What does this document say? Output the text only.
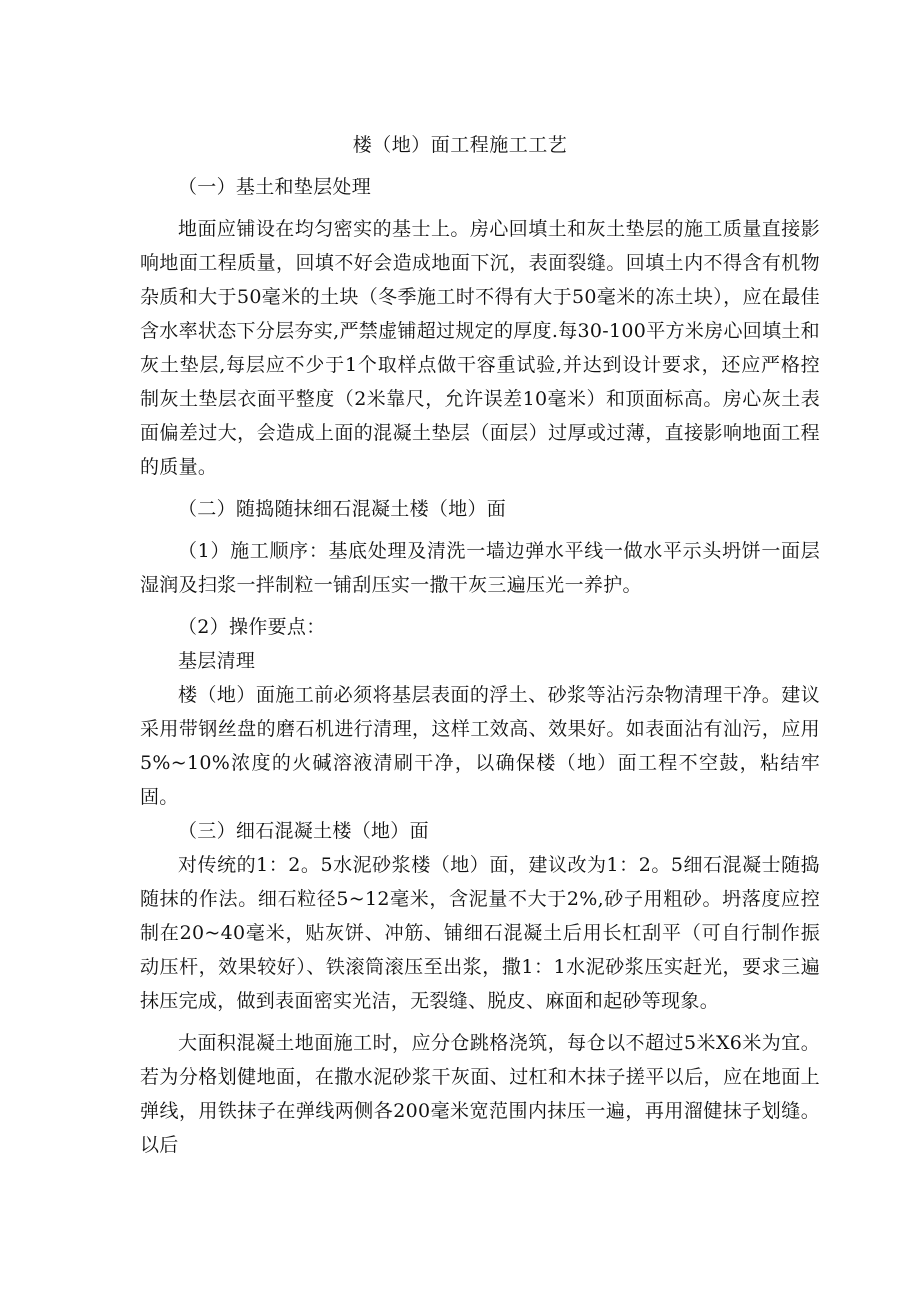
楼（地）面工程施工工艺

（一）基土和垫层处理

地面应铺设在均匀密实的基士上。房心回填土和灰土垫层的施工质量直接影响地面工程质量，回填不好会造成地面下沉，表面裂缝。回填土内不得含有机物杂质和大于50毫米的土块（冬季施工时不得有大于50毫米的冻土块），应在最佳含水率状态下分层夯实,严禁虚铺超过规定的厚度.每30-100平方米房心回填土和灰土垫层,每层应不少于1个取样点做干容重试验,并达到设计要求，还应严格控制灰土垫层衣面平整度（2米靠尺，允许误差10毫米）和顶面标高。房心灰土表面偏差过大，会造成上面的混凝土垫层（面层）过厚或过薄，直接影响地面工程的质量。

（二）随捣随抹细石混凝土楼（地）面

（1）施工顺序：基底处理及清洗一墙边弹水平线一做水平示头坍饼一面层湿润及扫浆一拌制粒一铺刮压实一撒干灰三遍压光一养护。

（2）操作要点：

基层清理

楼（地）面施工前必须将基层表面的浮土、砂浆等沾污杂物清理干净。建议采用带钢丝盘的磨石机进行清理，这样工效高、效果好。如表面沾有汕污，应用5%~10%浓度的火碱溶液清刷干净，以确保楼（地）面工程不空鼓，粘结牢固。

（三）细石混凝土楼（地）面

对传统的1：2。5水泥砂浆楼（地）面，建议改为1：2。5细石混凝士随捣随抹的作法。细石粒径5~12毫米，含泥量不大于2%,砂子用粗砂。坍落度应控制在20~40毫米，贴灰饼、冲筋、铺细石混凝土后用长杠刮平（可自行制作振动压杆，效果较好）、铁滚筒滚压至出浆，撒1：1水泥砂浆压实赶光，要求三遍抹压完成，做到表面密实光洁，无裂缝、脱皮、麻面和起砂等现象。

大面积混凝土地面施工时，应分仓跳格浇筑，每仓以不超过5米X6米为宜。若为分格划健地面，在撒水泥砂浆干灰面、过杠和木抹子搓平以后，应在地面上弹线，用铁抹子在弹线两侧各200毫米宽范围内抹压一遍，再用溜健抹子划缝。以后
